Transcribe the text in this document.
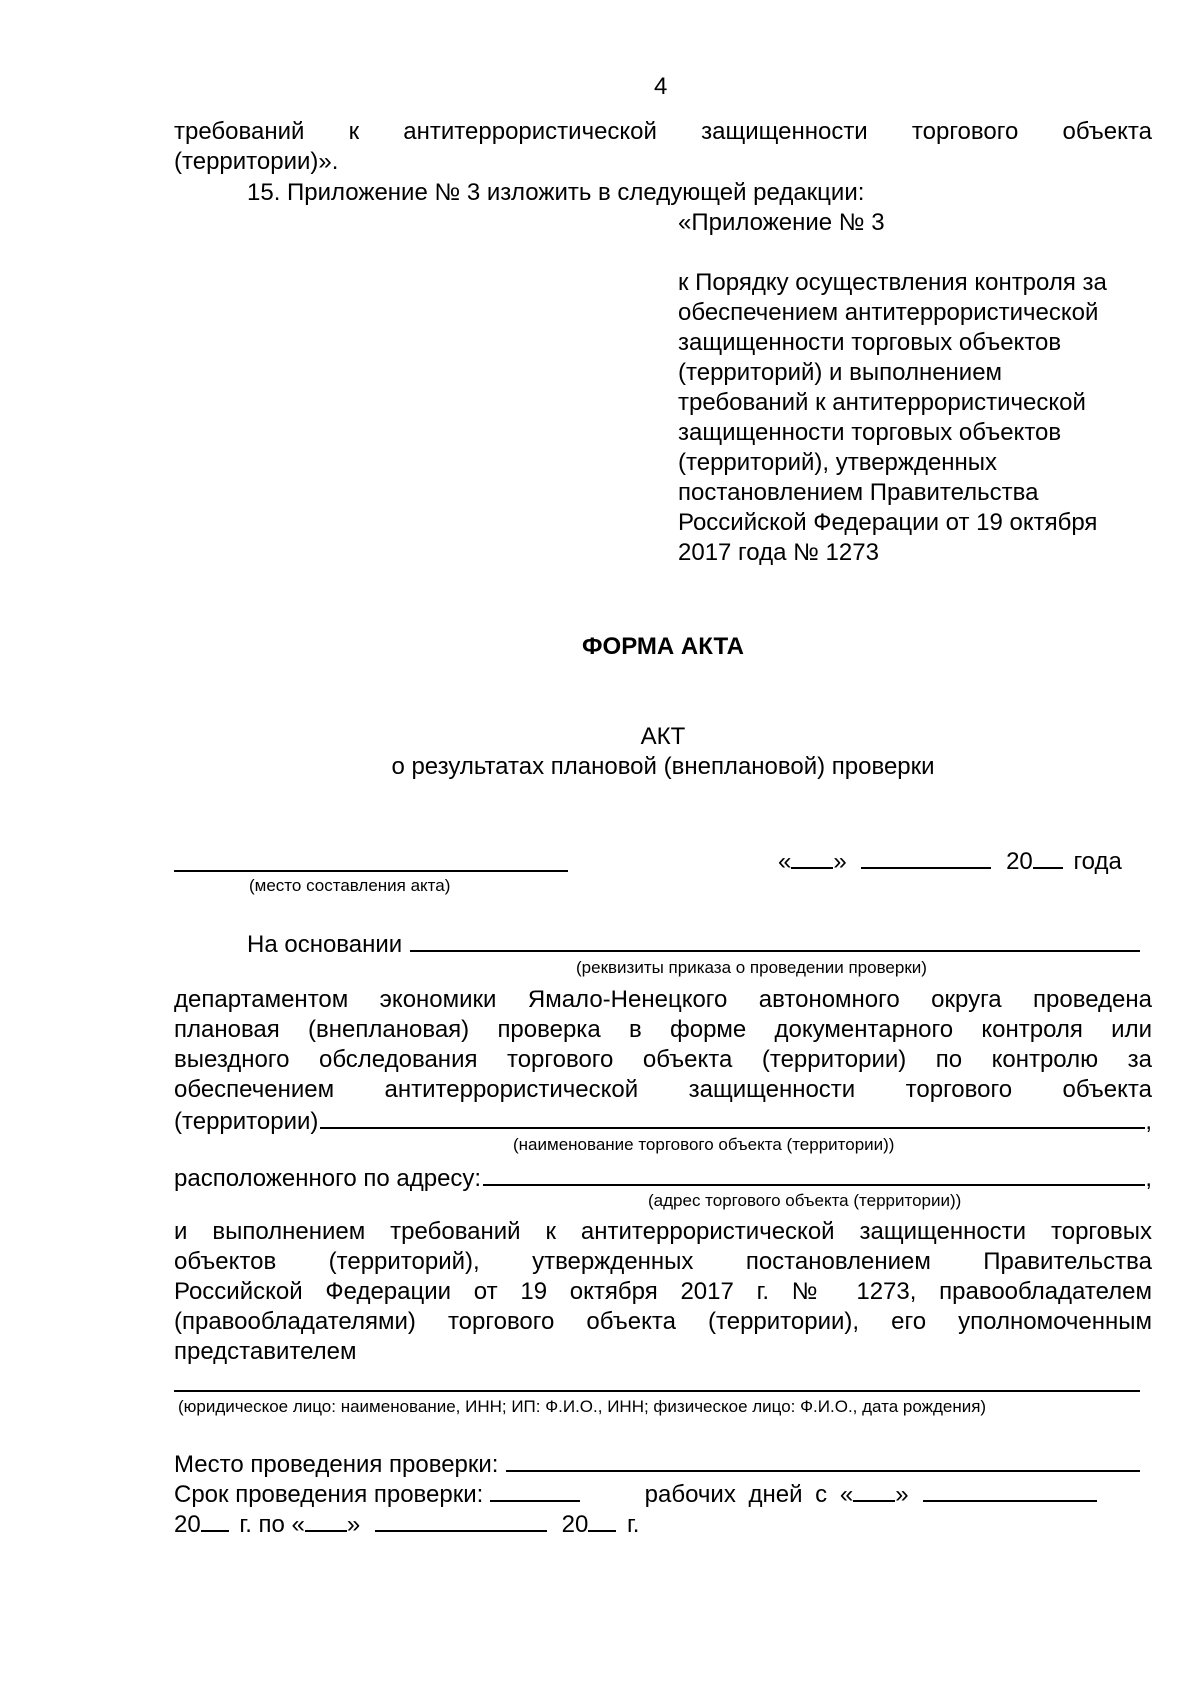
4
требований к антитеррористической защищенности торгового объекта
(территории)».
15. Приложение № 3 изложить в следующей редакции:
«Приложение № 3
к Порядку осуществления контроля за
обеспечением антитеррористической
защищенности торговых объектов
(территорий) и выполнением
требований к антитеррористической
защищенности торговых объектов
(территорий), утвержденных
постановлением Правительства
Российской Федерации от 19 октября
2017 года № 1273
ФОРМА АКТА
АКТ
о результатах плановой (внеплановой) проверки
(место составления акта)
« »	20 года
На основании
(реквизиты приказа о проведении проверки)
департаментом экономики Ямало-Ненецкого автономного округа проведена
плановая (внеплановая) проверка в форме документарного контроля или
выездного обследования торгового объекта (территории) по контролю за
обеспечением антитеррористической защищенности торгового объекта
(территории)	,
(наименование торгового объекта (территории))
расположенного по адресу:	,
(адрес торгового объекта (территории))
и выполнением требований к антитеррористической защищенности торговых
объектов (территорий), утвержденных постановлением Правительства
Российской Федерации от 19 октября 2017 г. № 1273, правообладателем
(правообладателями) торгового объекта (территории), его уполномоченным
представителем
(юридическое лицо: наименование, ИНН; ИП: Ф.И.О., ИНН; физическое лицо: Ф.И.О., дата рождения)
Место проведения проверки:
Срок проведения проверки:	рабочих дней с « »
20 г. по « »	20 г.
